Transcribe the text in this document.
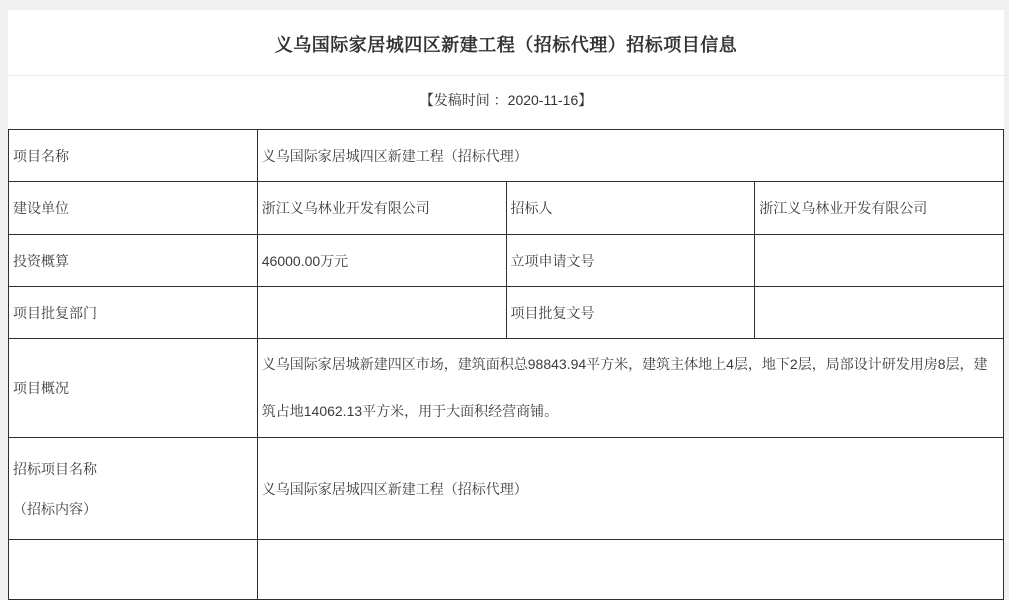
义乌国际家居城四区新建工程（招标代理）招标项目信息
【发稿时间 ：2020-11-16】
项目名称	义乌国际家居城四区新建工程（招标代理）		
建设单位	浙江义乌林业开发有限公司	招标人	浙江义乌林业开发有限公司
投资概算	46000.00万元	立项申请文号	
项目批复部门		项目批复文号	
项目概况	义乌国际家居城新建四区市场，建筑面积总98843.94平方米，建筑主体地上4层，地下2层，局部设计研发用房8层，建筑占地14062.13平方米，用于大面积经营商铺。		

招标项目名称
（招标内容）	义乌国际家居城四区新建工程（招标代理）		
